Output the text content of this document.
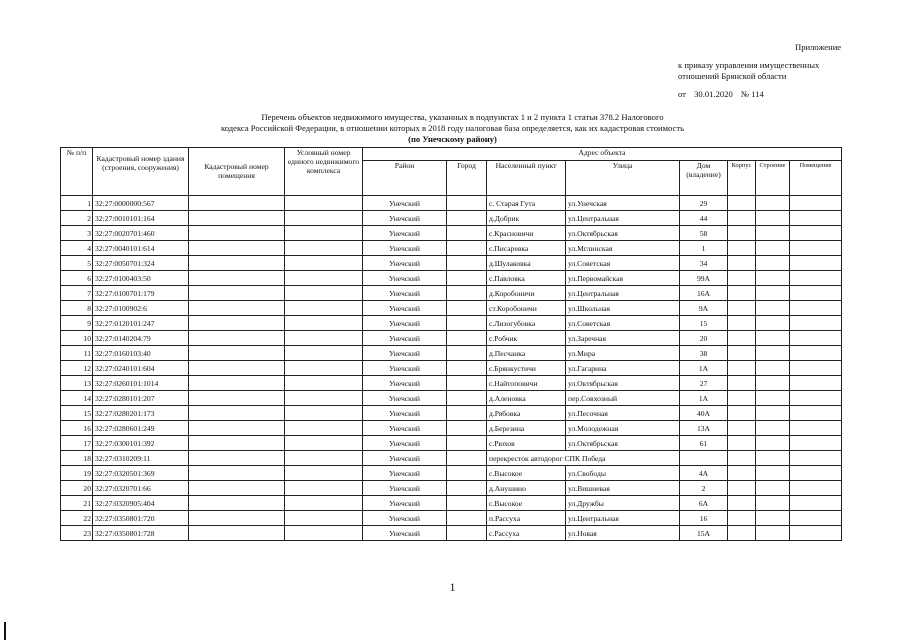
Приложение
к приказу управления имущественных
отношений Брянской области
от 30.01.2020 № 114
Перечень объектов недвижимого имущества, указанных в подпунктах 1 и 2 пункта 1 статьи 378.2 Налогового
кодекса Российской Федерации, в отношении которых в 2018 году налоговая база определяется, как их кадастровая стоимость
(по Унечскому району)
№ п/п	Кадастровый номер здания (строения, сооружения)	Кадастровый номер помещения	Условный номер единого недвижимого комплекса	Адрес объекта							
				Район	Город	Населенный пункт	Улица	Дом (владение)	Корпус	Строение	Помещение
1	32:27:0000000:567			Унечский		с. Старая Гута	ул.Унечская	29			
2	32:27:0010101:164			Унечский		д.Добрик	ул.Центральная	44			
3	32:27:0020701:460			Унечский		с.Красновичи	ул.Октябрьская	58			
4	32:27:0040101:614			Унечский		с.Писаревка	ул.Мглинская	1			
5	32:27:0050701:324			Унечский		д.Шулаковка	ул.Советская	34			
6	32:27:0100403:50			Унечский		с.Павловка	ул.Первомайская	99А			
7	32:27:0100701:179			Унечский		д.Коробоничи	ул.Центральная	16А			
8	32:27:0100902:6			Унечский		ст.Коробоничи	ул.Школьная	9А			
9	32:27:0120101:247			Унечский		с.Лизогубовка	ул.Советская	15			
10	32:27:0140204:79			Унечский		с.Робчик	ул.Заречная	20			
11	32:27:0160103:40			Унечский		д.Песчанка	ул.Мира	38			
12	32:27:0240101:604			Унечский		с.Брянкустичи	ул.Гагарина	1А			
13	32:27:0260101:1014			Унечский		с.Найтоповичи	ул.Октябрьская	27			
14	32:27:0280101:207			Унечский		д.Аленовка	пер.Совхозный	1А			
15	32:27:0280201:173			Унечский		д.Рябовка	ул.Песочная	40А			
16	32:27:0280601:249			Унечский		д.Березина	ул.Молодежная	13А			
17	32:27:0300101:392			Унечский		с.Рюхов	ул.Октябрьская	61			
18	32:27:0310209:11			Унечский		перекресток автодорог СПК Победа					
19	32:27:0320501:369			Унечский		с.Высокое	ул.Свободы	4А			
20	32:27:0320701:66			Унечский		д.Анушино	ул.Вишневая	2			
21	32:27:0320905:404			Унечский		с.Высокое	ул.Дружбы	6А			
22	32:27:0350801:720			Унечский		п.Рассуха	ул.Центральная	16			
23	32:27:0350801:728			Унечский		с.Рассуха	ул.Новая	15А			
1
